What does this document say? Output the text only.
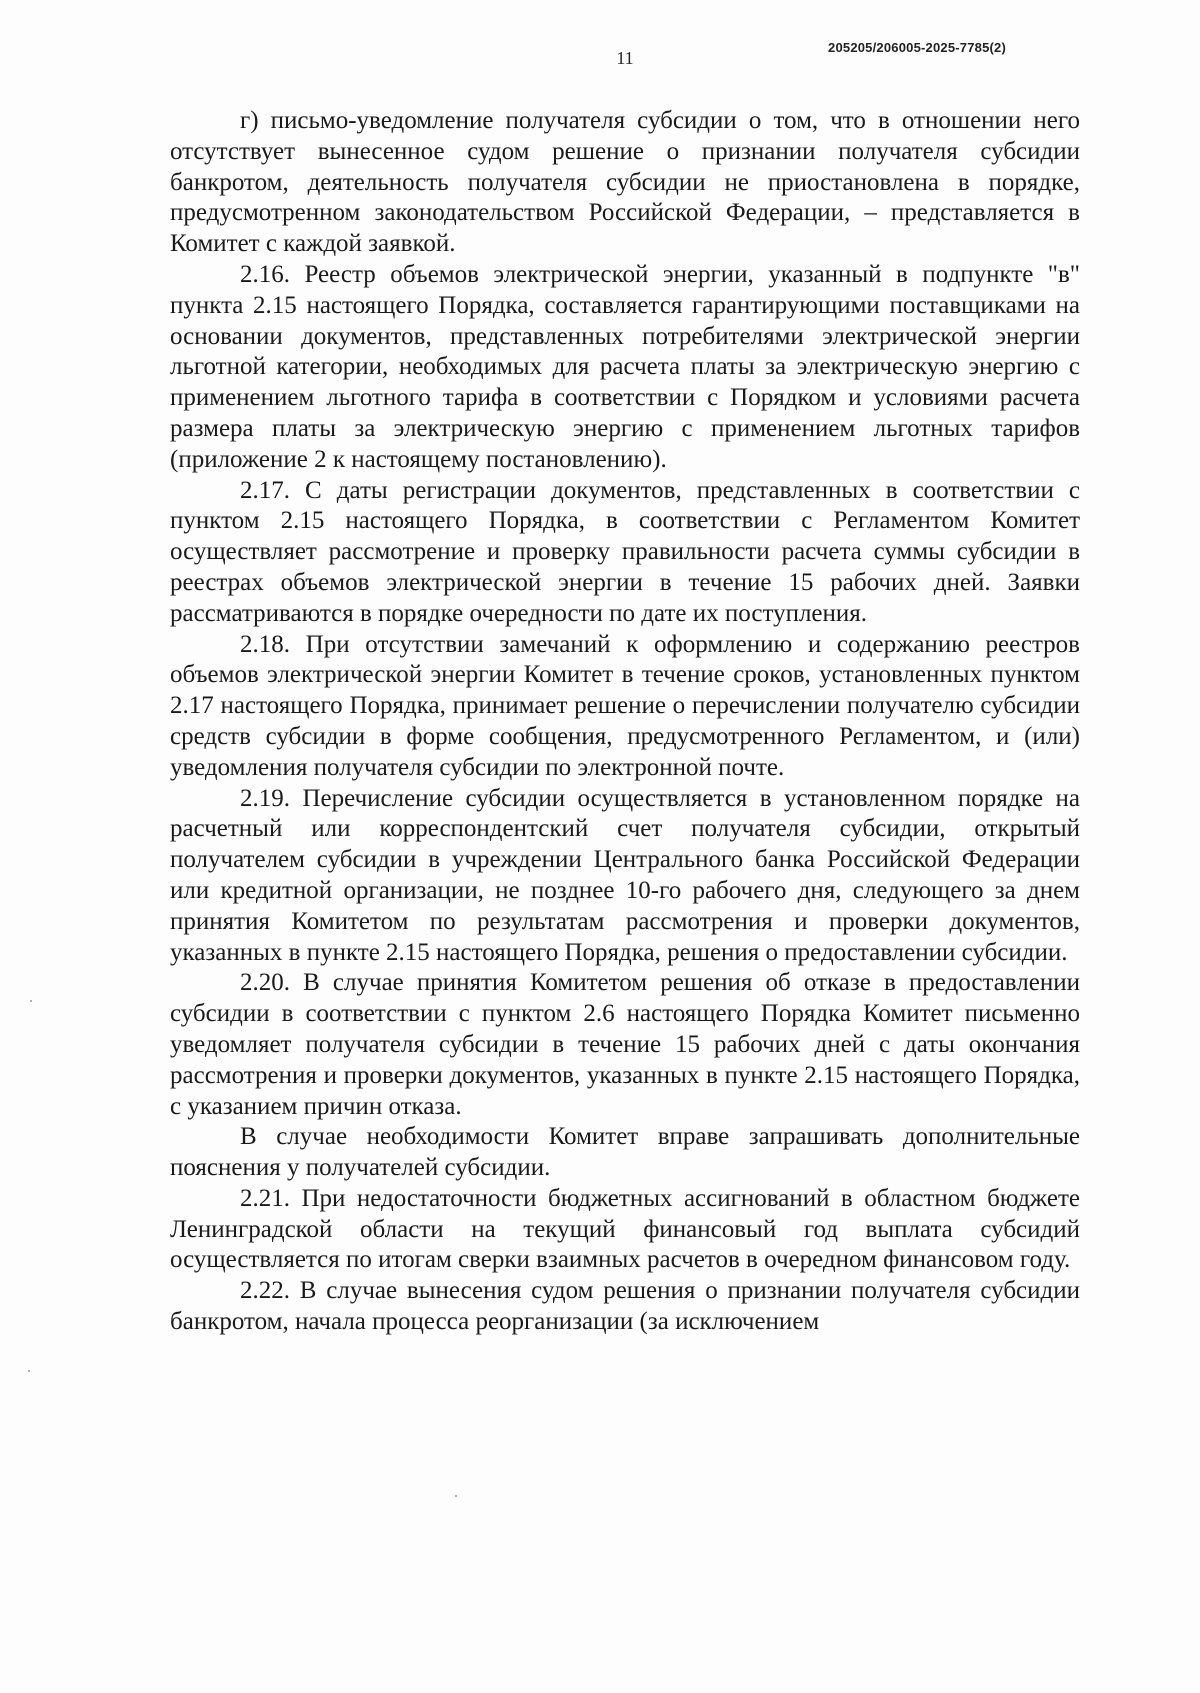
205205/206005-2025-7785(2)
11

г) письмо-уведомление получателя субсидии о том, что в отношении него отсутствует вынесенное судом решение о признании получателя субсидии банкротом, деятельность получателя субсидии не приостановлена в порядке, предусмотренном законодательством Российской Федерации, – представляется в Комитет с каждой заявкой.

2.16. Реестр объемов электрической энергии, указанный в подпункте "в" пункта 2.15 настоящего Порядка, составляется гарантирующими поставщиками на основании документов, представленных потребителями электрической энергии льготной категории, необходимых для расчета платы за электрическую энергию с применением льготного тарифа в соответствии с Порядком и условиями расчета размера платы за электрическую энергию с применением льготных тарифов (приложение 2 к настоящему постановлению).

2.17. С даты регистрации документов, представленных в соответствии с пунктом 2.15 настоящего Порядка, в соответствии с Регламентом Комитет осуществляет рассмотрение и проверку правильности расчета суммы субсидии в реестрах объемов электрической энергии в течение 15 рабочих дней. Заявки рассматриваются в порядке очередности по дате их поступления.

2.18. При отсутствии замечаний к оформлению и содержанию реестров объемов электрической энергии Комитет в течение сроков, установленных пунктом 2.17 настоящего Порядка, принимает решение о перечислении получателю субсидии средств субсидии в форме сообщения, предусмотренного Регламентом, и (или) уведомления получателя субсидии по электронной почте.

2.19. Перечисление субсидии осуществляется в установленном порядке на расчетный или корреспондентский счет получателя субсидии, открытый получателем субсидии в учреждении Центрального банка Российской Федерации или кредитной организации, не позднее 10-го рабочего дня, следующего за днем принятия Комитетом по результатам рассмотрения и проверки документов, указанных в пункте 2.15 настоящего Порядка, решения о предоставлении субсидии.

2.20. В случае принятия Комитетом решения об отказе в предоставлении субсидии в соответствии с пунктом 2.6 настоящего Порядка Комитет письменно уведомляет получателя субсидии в течение 15 рабочих дней с даты окончания рассмотрения и проверки документов, указанных в пункте 2.15 настоящего Порядка, с указанием причин отказа.

В случае необходимости Комитет вправе запрашивать дополнительные пояснения у получателей субсидии.

2.21. При недостаточности бюджетных ассигнований в областном бюджете Ленинградской области на текущий финансовый год выплата субсидий осуществляется по итогам сверки взаимных расчетов в очередном финансовом году.

2.22. В случае вынесения судом решения о признании получателя субсидии банкротом, начала процесса реорганизации (за исключением
